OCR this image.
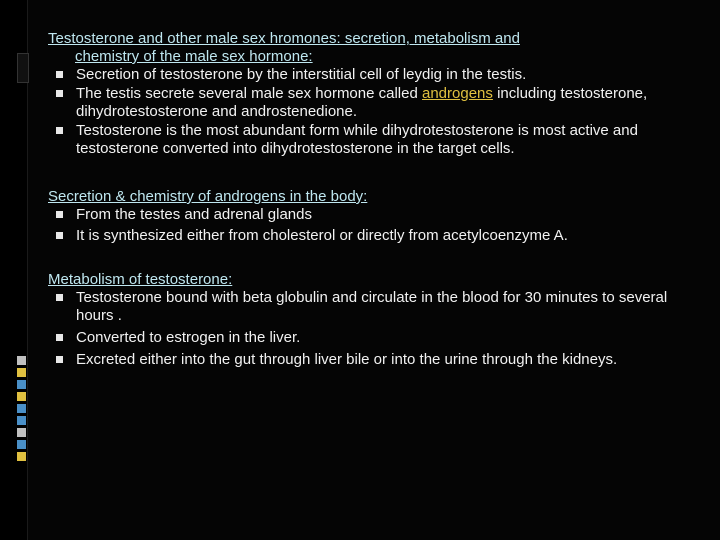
Testosterone and other male sex hromones: secretion, metabolism and
chemistry of the male sex hormone:

Secretion of testosterone by the interstitial cell of leydig in the testis.
The testis secrete several male sex hormone called androgens including testosterone, dihydrotestosterone and androstenedione.
Testosterone is the most abundant form while dihydrotestosterone is most active and testosterone converted into dihydrotestosterone in the target cells.

Secretion & chemistry of androgens in the body:

From the testes and adrenal glands
It is synthesized either from cholesterol or directly from acetylcoenzyme A.

Metabolism of testosterone:

Testosterone bound with beta globulin and circulate in the blood for 30 minutes to several hours .
Converted to estrogen in the liver.
Excreted either into the gut through liver bile or into the urine through the kidneys.
